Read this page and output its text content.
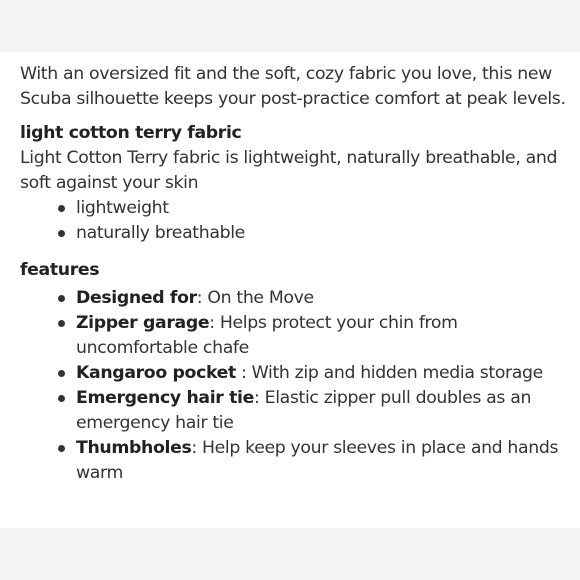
With an oversized fit and the soft, cozy fabric you love, this new Scuba silhouette keeps your post-practice comfort at peak levels.

light cotton terry fabric

Light Cotton Terry fabric is lightweight, naturally breathable, and soft against your skin

lightweight
naturally breathable

features

Designed for: On the Move
Zipper garage: Helps protect your chin from uncomfortable chafe
Kangaroo pocket : With zip and hidden media storage
Emergency hair tie: Elastic zipper pull doubles as an emergency hair tie
Thumbholes: Help keep your sleeves in place and hands warm
